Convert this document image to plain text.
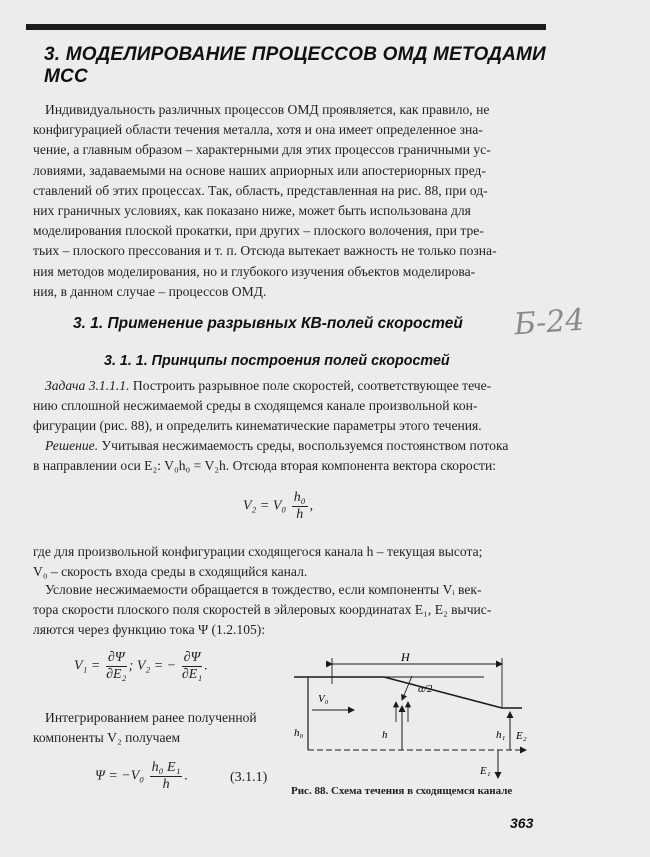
3. МОДЕЛИРОВАНИЕ ПРОЦЕССОВ ОМД МЕТОДАМИ МСС
Индивидуальность различных процессов ОМД проявляется, как правило, не
конфигурацией области течения металла, хотя и она имеет определенное зна-
чение, а главным образом – характерными для этих процессов граничными ус-
ловиями, задаваемыми на основе наших априорных или апостериорных пред-
ставлений об этих процессах. Так, область, представленная на рис. 88, при од-
них граничных условиях, как показано ниже, может быть использована для
моделирования плоской прокатки, при других – плоского волочения, при тре-
тьих – плоского прессования и т. п. Отсюда вытекает важность не только позна-
ния методов моделирования, но и глубокого изучения объектов моделирова-
ния, в данном случае – процессов ОМД.
3. 1. Применение разрывных КВ-полей скоростей Б-24
3. 1. 1. Принципы построения полей скоростей
Задача 3.1.1.1. Построить разрывное поле скоростей, соответствующее тече-
нию сплошной несжимаемой среды в сходящемся канале произвольной кон-
фигурации (рис. 88), и определить кинематические параметры этого течения.
Решение. Учитывая несжимаемость среды, воспользуемся постоянством потока
в направлении оси E₂: V₀h₀ = V₂h. Отсюда вторая компонента вектора скорости:
$V_2 = V_0 \frac{\text{h₀}}{h}$ ,
где для произвольной конфигурации сходящегося канала h – текущая высота;
V₀ – скорость входа среды в сходящийся канал.
Условие несжимаемости обращается в тождество, если компоненты Vᵢ век-
тора скорости плоского поля скоростей в эйлеровых координатах E₁, E₂ вычис-
ляются через функцию тока Ψ (1.2.105):
$V_1 = \frac{\partial\Psi}{\text{∂E₂}}$ ; V₂ = − $\frac{\partial\Psi}{\text{∂E₁}}$ .
Интегрированием ранее полученной
компоненты V₂ получаем
$\Psi = -V_0 \frac{\text{h₀ E₁}}{h}$ .	(3.1.1)
H
α/2
V₀
h₀	h	h₁ E₂
E₁
Рис. 88. Схема течения в сходящемся канале
363
